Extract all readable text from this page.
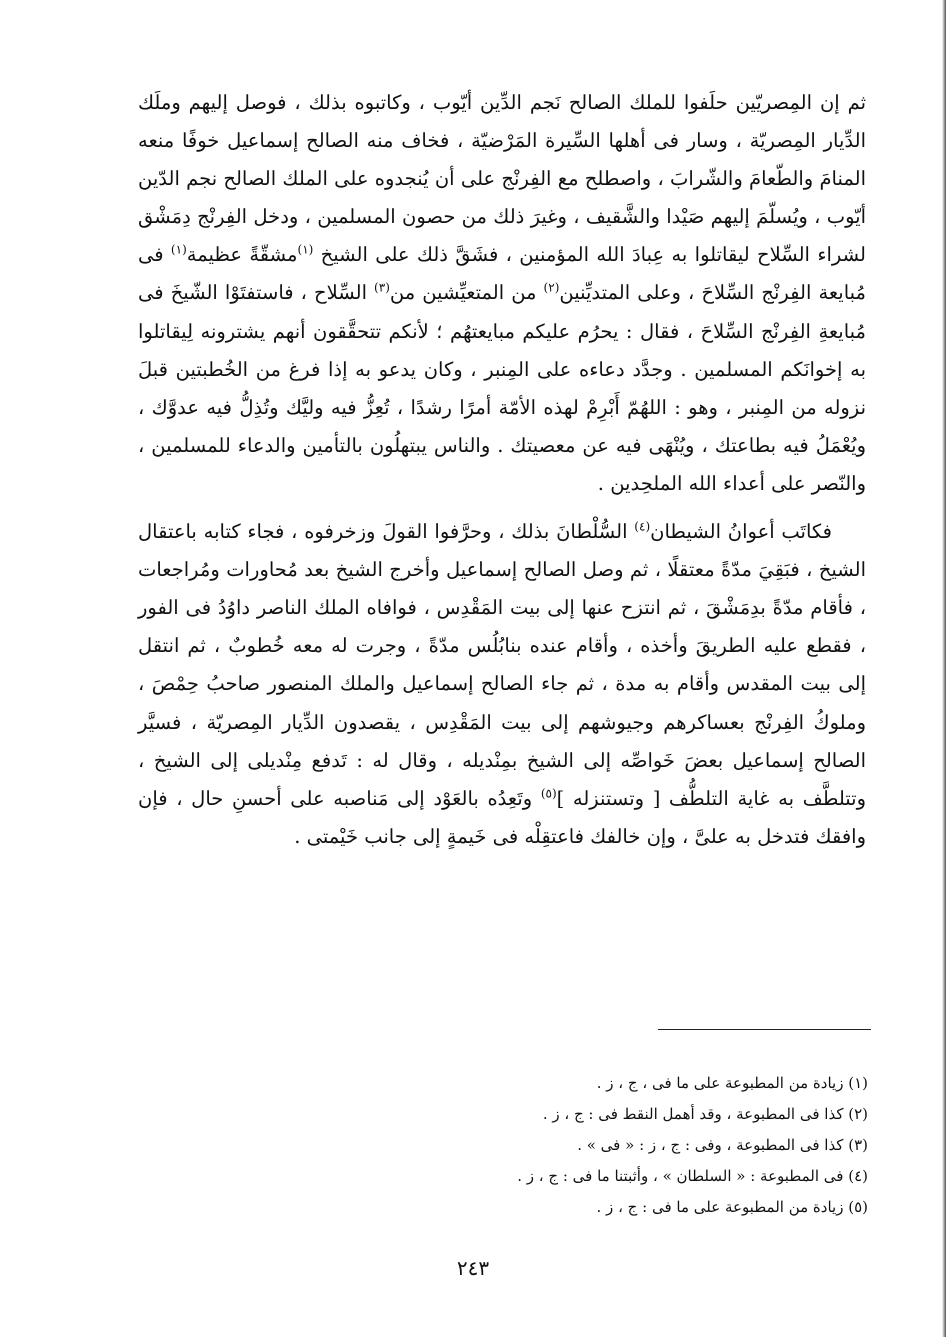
ثم إن المِصريّين حلَفوا للملك الصالح نَجم الدِّين أيّوب ، وكاتبوه بذلك ، فوصل إليهم وملَك الدِّيار المِصريّة ، وسار فى أهلها السِّيرة المَرْضيّة ، فخاف منه الصالح إسماعيل خوفًا منعه المنامَ والطّعامَ والشّرابَ ، واصطلح مع الفِرنْج على أن يُنجدوه على الملك الصالح نجم الدّين أيّوب ، ويُسلّمَ إليهم صَيْدا والشَّقيف ، وغيرَ ذلك من حصون المسلمين ، ودخل الفِرنْج دِمَشْق لشراء السِّلاح ليقاتلوا به عِبادَ الله المؤمنين ، فشَقَّ ذلك على الشيخ $^{(١)}$مشقّةً عظيمة$^{(١)}$ فى مُبايعة الفِرنْج السِّلاحَ ، وعلى المتديِّنين$^{(٢)}$ من المتعيِّشين من$^{(٣)}$ السِّلاح ، فاستفتَوْا الشّيخَ فى مُبايعةِ الفِرنْج السِّلاحَ ، فقال : يحرُم عليكم مبايعتهُم ؛ لأنكم تتحقَّقون أنهم يشترونه لِيقاتلوا به إخوانَكم المسلمين . وجدَّد دعاءه على المِنبر ، وكان يدعو به إذا فرغ من الخُطبتين قبلَ نزوله من المِنبر ، وهو : اللهُمّ أَبْرِمْ لهذه الأمّة أمرًا رشدًا ، تُعِزُّ فيه وليَّك وتُذِلُّ فيه عدوَّك ، ويُعْمَلُ فيه بطاعتك ، ويُنْهَى فيه عن معصيتك . والناس يبتهلُون بالتأمين والدعاء للمسلمين ، والنّصر على أعداء الله الملحِدين .

فكاتَب أعوانُ الشيطان$^{(٤)}$ السُّلْطانَ بذلك ، وحرَّفوا القولَ وزخرفوه ، فجاء كتابه باعتقال الشيخ ، فبَقِيَ مدّةً معتقلًا ، ثم وصل الصالح إسماعيل وأخرج الشيخ بعد مُحاورات ومُراجعات ، فأقام مدّةً بدِمَشْقَ ، ثم انتزح عنها إلى بيت المَقْدِس ، فوافاه الملك الناصر داوُدُ فى الفور ، فقطع عليه الطريقَ وأخذه ، وأقام عنده بنابُلُس مدّةً ، وجرت له معه خُطوبٌ ، ثم انتقل إلى بيت المقدس وأقام به مدة ، ثم جاء الصالح إسماعيل والملك المنصور صاحبُ حِمْصَ ، وملوكُ الفِرنْج بعساكرهم وجيوشهم إلى بيت المَقْدِس ، يقصدون الدِّيار المِصريّة ، فسيَّر الصالح إسماعيل بعضَ خَواصِّه إلى الشيخ بمِنْديله ، وقال له : تَدفع مِنْديلى إلى الشيخ ، وتتلطَّف به غاية التلطُّف [ وتستنزله ]$^{(٥)}$ وتَعِدُه بالعَوْد إلى مَناصبه على أحسنِ حال ، فإن وافقك فتدخل به علىَّ ، وإن خالفك فاعتقِلْه فى خَيمةٍ إلى جانب خَيْمتى .

(١) زيادة من المطبوعة على ما فى ، ج ، ز .
(٢) كذا فى المطبوعة ، وقد أهمل النقط فى : ج ، ز .
(٣) كذا فى المطبوعة ، وفى : ج ، ز : « فى » .
(٤) فى المطبوعة : « السلطان » ، وأثبتنا ما فى : ج ، ز .
(٥) زيادة من المطبوعة على ما فى : ج ، ز .
٢٤٣
